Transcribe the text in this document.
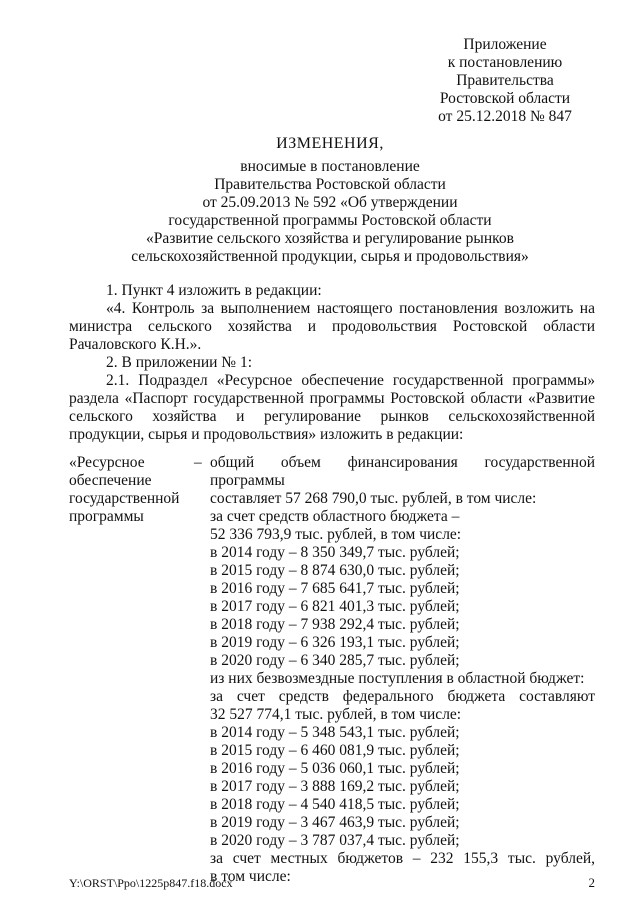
Приложение
к постановлению
Правительства
Ростовской области
от 25.12.2018 № 847
ИЗМЕНЕНИЯ,
вносимые в постановление
Правительства Ростовской области
от 25.09.2013 № 592 «Об утверждении
государственной программы Ростовской области
«Развитие сельского хозяйства и регулирование рынков
сельскохозяйственной продукции, сырья и продовольствия»

1. Пункт 4 изложить в редакции:

«4. Контроль за выполнением настоящего постановления возложить на министра сельского хозяйства и продовольствия Ростовской области Рачаловского К.Н.».

2. В приложении № 1:

2.1. Подраздел «Ресурсное обеспечение государственной программы» раздела «Паспорт государственной программы Ростовской области «Развитие сельского хозяйства и регулирование рынков сельскохозяйственной продукции, сырья и продовольствия» изложить в редакции:

«Ресурсное
обеспечение
государственной
программы
– общий объем финансирования государственной программы
составляет 57 268 790,0 тыс. рублей, в том числе:
за счет средств областного бюджета –
52 336 793,9 тыс. рублей, в том числе:
в 2014 году – 8 350 349,7 тыс. рублей;
в 2015 году – 8 874 630,0 тыс. рублей;
в 2016 году – 7 685 641,7 тыс. рублей;
в 2017 году – 6 821 401,3 тыс. рублей;
в 2018 году – 7 938 292,4 тыс. рублей;
в 2019 году – 6 326 193,1 тыс. рублей;
в 2020 году – 6 340 285,7 тыс. рублей;
из них безвозмездные поступления в областной бюджет:
за счет средств федерального бюджета составляют
32 527 774,1 тыс. рублей, в том числе:
в 2014 году – 5 348 543,1 тыс. рублей;
в 2015 году – 6 460 081,9 тыс. рублей;
в 2016 году – 5 036 060,1 тыс. рублей;
в 2017 году – 3 888 169,2 тыс. рублей;
в 2018 году – 4 540 418,5 тыс. рублей;
в 2019 году – 3 467 463,9 тыс. рублей;
в 2020 году – 3 787 037,4 тыс. рублей;
за счет местных бюджетов – 232 155,3 тыс. рублей,
в том числе:
Y:\ORST\Ppo\1225p847.f18.docx	2
